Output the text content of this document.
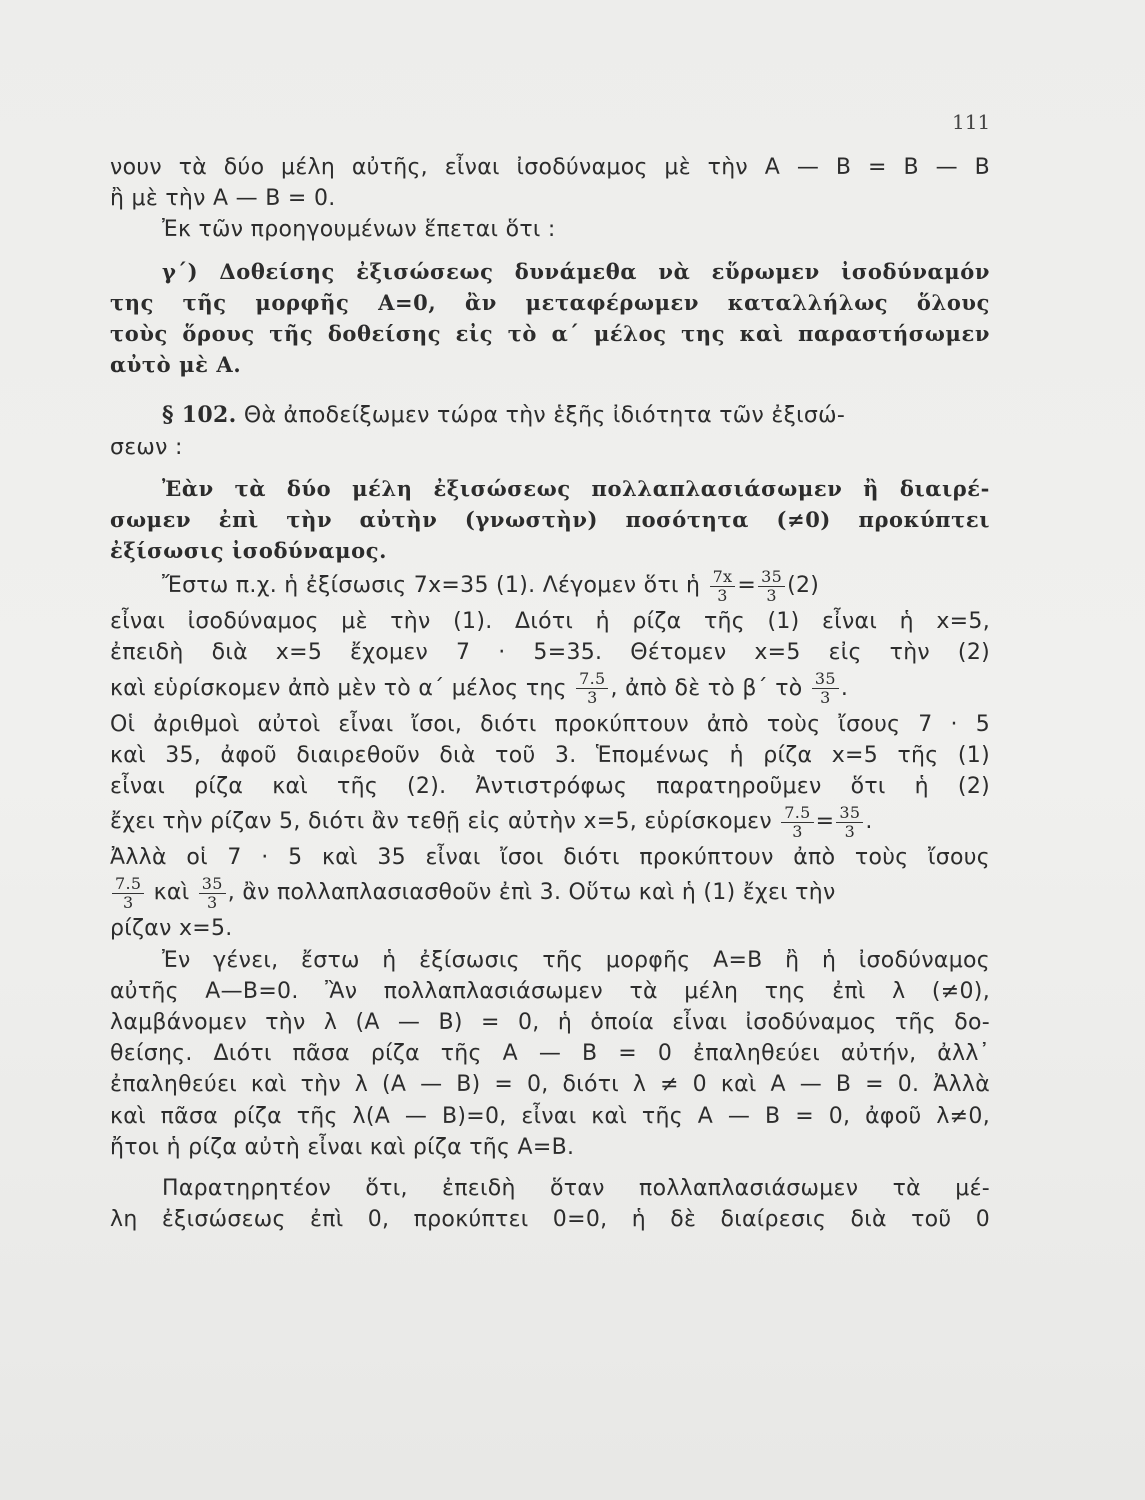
111
νουν τὰ δύο μέλη αὐτῆς, εἶναι ἰσοδύναμος μὲ τὴν Α — Β = Β — Β
ἢ μὲ τὴν Α — Β = 0.
Ἐκ τῶν προηγουμένων ἕπεται ὅτι :
γ΄) Δοθείσης ἐξισώσεως δυνάμεθα νὰ εὕρωμεν ἰσοδύναμόν
της τῆς μορφῆς Α=0, ἂν μεταφέρωμεν καταλλήλως ὅλους
τοὺς ὅρους τῆς δοθείσης εἰς τὸ α΄ μέλος της καὶ παραστήσωμεν
αὐτὸ μὲ Α.
§ 102. Θὰ ἀποδείξωμεν τώρα τὴν ἑξῆς ἰδιότητα τῶν ἐξισώ-
σεων :
Ἐὰν τὰ δύο μέλη ἐξισώσεως πολλαπλασιάσωμεν ἢ διαιρέ-
σωμεν ἐπὶ τὴν αὐτὴν (γνωστὴν) ποσότητα (≠0) προκύπτει
ἐξίσωσις ἰσοδύναμος.
Ἔστω π.χ. ἡ ἐξίσωσις 7x=35 (1). Λέγομεν ὅτι ἡ $\frac{7x}{3} = \frac{35}{3} (2)$
εἶναι ἰσοδύναμος μὲ τὴν (1). Διότι ἡ ρίζα τῆς (1) εἶναι ἡ x=5,
ἐπειδὴ διὰ x=5 ἔχομεν 7 · 5=35. Θέτομεν x=5 εἰς τὴν (2)
καὶ εὑρίσκομεν ἀπὸ μὲν τὸ α΄ μέλος της $\frac{7.5}{3}$ , ἀπὸ δὲ τὸ β΄ τὸ $\frac{35}{3}$ .
Οἱ ἀριθμοὶ αὐτοὶ εἶναι ἴσοι, διότι προκύπτουν ἀπὸ τοὺς ἴσους 7 · 5
καὶ 35, ἀφοῦ διαιρεθοῦν διὰ τοῦ 3. Ἑπομένως ἡ ρίζα x=5 τῆς (1)
εἶναι ρίζα καὶ τῆς (2). Ἀντιστρόφως παρατηροῦμεν ὅτι ἡ (2)
ἔχει τὴν ρίζαν 5, διότι ἂν τεθῇ εἰς αὐτὴν x=5, εὑρίσκομεν $\frac{7.5}{3} = \frac{35}{3}$ .
Ἀλλὰ οἱ 7 · 5 καὶ 35 εἶναι ἴσοι διότι προκύπτουν ἀπὸ τοὺς ἴσους
$\frac{7.5}{3}$ καὶ $\frac{35}{3}$ , ἂν πολλαπλασιασθοῦν ἐπὶ 3. Οὕτω καὶ ἡ (1) ἔχει τὴν
ρίζαν x=5.
Ἐν γένει, ἔστω ἡ ἐξίσωσις τῆς μορφῆς Α=Β ἢ ἡ ἰσοδύναμος
αὐτῆς Α—Β=0. Ἂν πολλαπλασιάσωμεν τὰ μέλη της ἐπὶ λ (≠0),
λαμβάνομεν τὴν λ (Α — Β) = 0, ἡ ὁποία εἶναι ἰσοδύναμος τῆς δο-
θείσης. Διότι πᾶσα ρίζα τῆς Α — Β = 0 ἐπαληθεύει αὐτήν, ἀλλ᾽
ἐπαληθεύει καὶ τὴν λ (Α — Β) = 0, διότι λ ≠ 0 καὶ Α — Β = 0. Ἀλλὰ
καὶ πᾶσα ρίζα τῆς λ(Α — Β)=0, εἶναι καὶ τῆς Α — Β = 0, ἀφοῦ λ≠0,
ἤτοι ἡ ρίζα αὐτὴ εἶναι καὶ ρίζα τῆς Α=Β.
Παρατηρητέον ὅτι, ἐπειδὴ ὅταν πολλαπλασιάσωμεν τὰ μέ-
λη ἐξισώσεως ἐπὶ 0, προκύπτει 0=0, ἡ δὲ διαίρεσις διὰ τοῦ 0
